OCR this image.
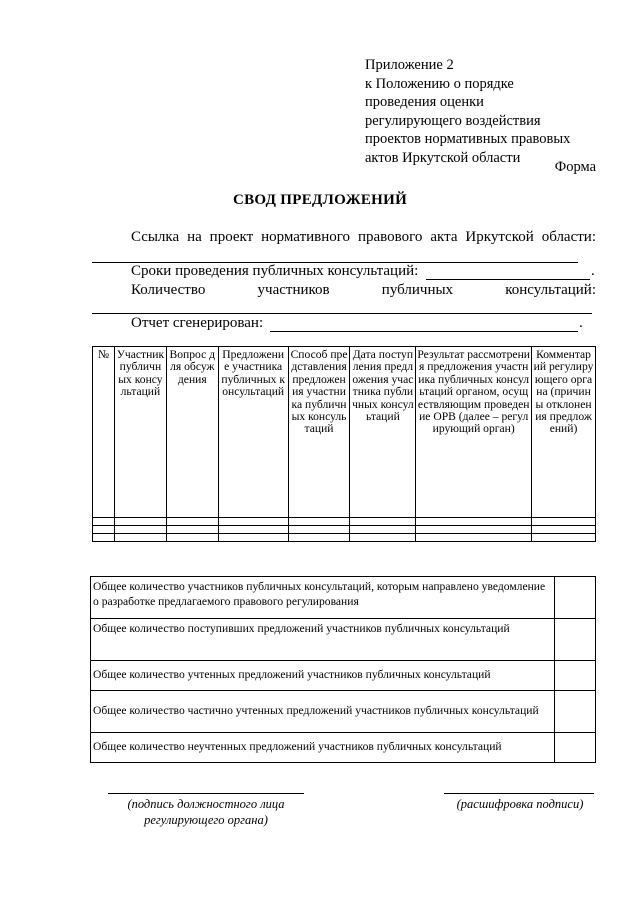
Приложение 2
к Положению о порядке
проведения оценки
регулирующего воздействия
проектов нормативных правовых
актов Иркутской области
Форма
СВОД ПРЕДЛОЖЕНИЙ
Ссылка на проект нормативного правового акта Иркутской области:
Сроки проведения публичных консультаций:	.
Количество	участников	публичных	консультаций:
Отчет сгенерирован:	.
№	Участник публичных консультаций	Вопрос для обсуждения	Предложение участника публичных консультаций	Способ представления предложения участника публичных консультаций	Дата поступления предложения участника публичных консультаций	Результат рассмотрения предложения участника публичных консультаций органом, осуществляющим проведение ОРВ (далее – регулирующий орган)	Комментарий регулирующего органа (причины отклонения предложений)

Общее количество участников публичных консультаций, которым направлено уведомление о разработке предлагаемого правового регулирования	
Общее количество поступивших предложений участников публичных консультаций	
Общее количество учтенных предложений участников публичных консультаций	
Общее количество частично учтенных предложений участников публичных консультаций	
Общее количество неучтенных предложений участников публичных консультаций	
(подпись должностного лица
регулирующего органа)
(расшифровка подписи)
